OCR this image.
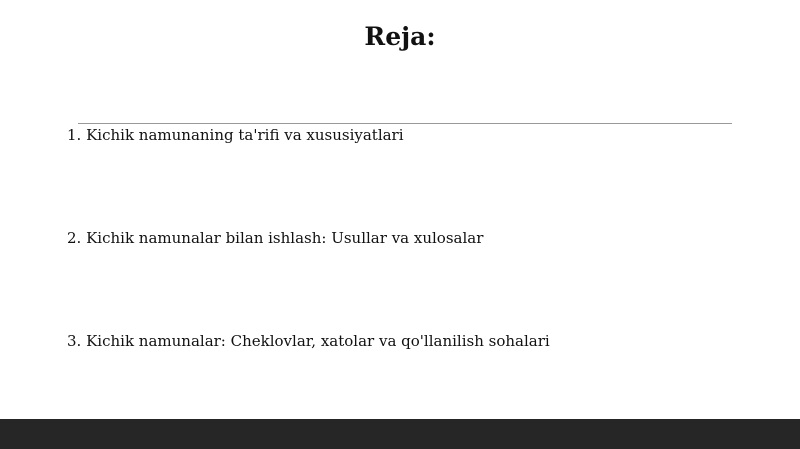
Reja:

1. Kichik namunaning ta'rifi va xususiyatlari

2. Kichik namunalar bilan ishlash: Usullar va xulosalar

3. Kichik namunalar: Cheklovlar, xatolar va qo'llanilish sohalari
